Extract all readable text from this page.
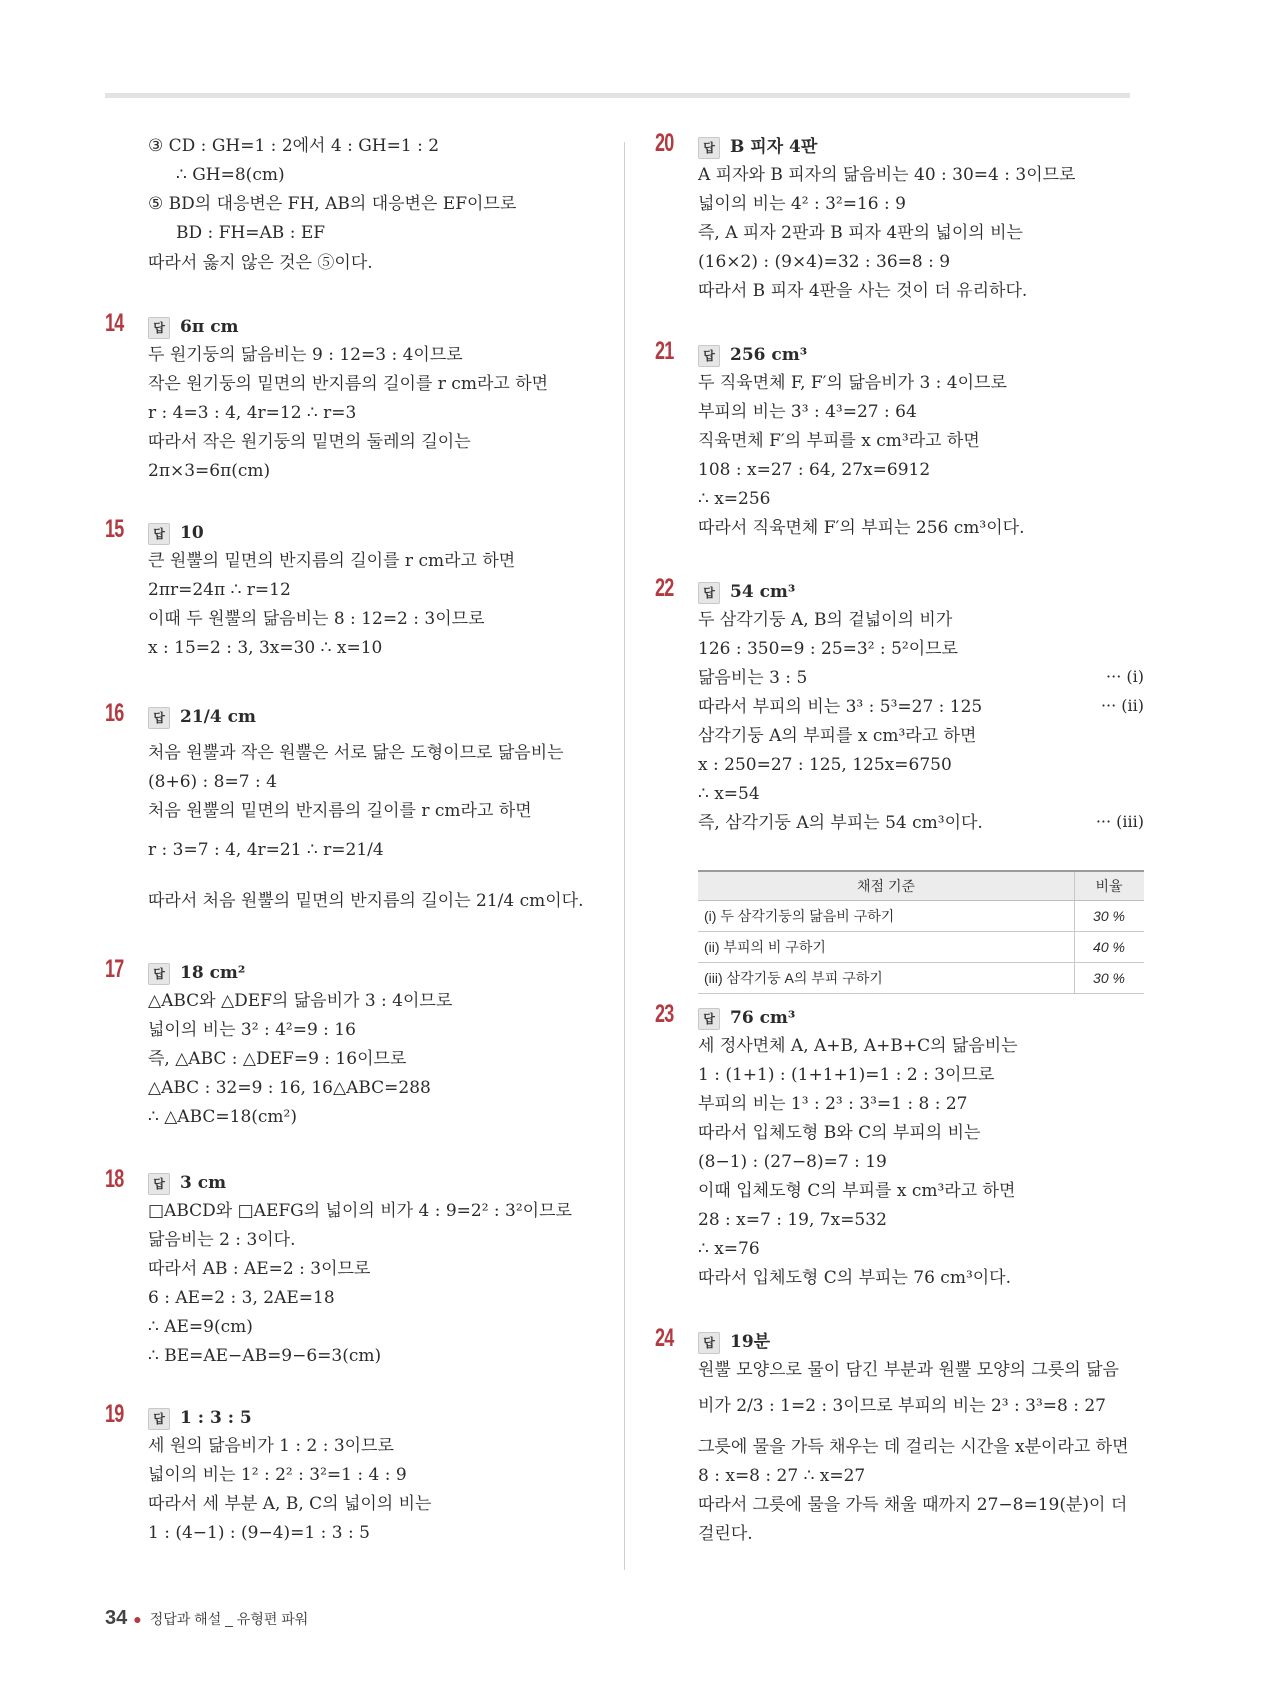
③ CD : GH=1 : 2에서 4 : GH=1 : 2
∴ GH=8(cm)
⑤ BD의 대응변은 FH, AB의 대응변은 EF이므로
BD : FH=AB : EF
따라서 옳지 않은 것은 ⑤이다.
14	답 6π cm
두 원기둥의 닮음비는 9 : 12=3 : 4이므로
작은 원기둥의 밑면의 반지름의 길이를 r cm라고 하면
r : 4=3 : 4, 4r=12 ∴ r=3
따라서 작은 원기둥의 밑면의 둘레의 길이는
2π×3=6π(cm)
15	답 10
큰 원뿔의 밑면의 반지름의 길이를 r cm라고 하면
2πr=24π ∴ r=12
이때 두 원뿔의 닮음비는 8 : 12=2 : 3이므로
x : 15=2 : 3, 3x=30 ∴ x=10
16	답 21/4 cm
처음 원뿔과 작은 원뿔은 서로 닮은 도형이므로 닮음비는
(8+6) : 8=7 : 4
처음 원뿔의 밑면의 반지름의 길이를 r cm라고 하면
r : 3=7 : 4, 4r=21 ∴ r=21/4
따라서 처음 원뿔의 밑면의 반지름의 길이는 21/4 cm이다.
17	답 18 cm²
△ABC와 △DEF의 닮음비가 3 : 4이므로
넓이의 비는 3² : 4²=9 : 16
즉, △ABC : △DEF=9 : 16이므로
△ABC : 32=9 : 16, 16△ABC=288
∴ △ABC=18(cm²)
18	답 3 cm
□ABCD와 □AEFG의 넓이의 비가 4 : 9=2² : 3²이므로
닮음비는 2 : 3이다.
따라서 AB : AE=2 : 3이므로
6 : AE=2 : 3, 2AE=18
∴ AE=9(cm)
∴ BE=AE−AB=9−6=3(cm)
19	답 1 : 3 : 5
세 원의 닮음비가 1 : 2 : 3이므로
넓이의 비는 1² : 2² : 3²=1 : 4 : 9
따라서 세 부분 A, B, C의 넓이의 비는
1 : (4−1) : (9−4)=1 : 3 : 5
20	답 B 피자 4판
A 피자와 B 피자의 닮음비는 40 : 30=4 : 3이므로
넓이의 비는 4² : 3²=16 : 9
즉, A 피자 2판과 B 피자 4판의 넓이의 비는
(16×2) : (9×4)=32 : 36=8 : 9
따라서 B 피자 4판을 사는 것이 더 유리하다.
21	답 256 cm³
두 직육면체 F, F′의 닮음비가 3 : 4이므로
부피의 비는 3³ : 4³=27 : 64
직육면체 F′의 부피를 x cm³라고 하면
108 : x=27 : 64, 27x=6912
∴ x=256
따라서 직육면체 F′의 부피는 256 cm³이다.
22	답 54 cm³
두 삼각기둥 A, B의 겉넓이의 비가
126 : 350=9 : 25=3² : 5²이므로
닮음비는 3 : 5	··· (i)
따라서 부피의 비는 3³ : 5³=27 : 125	··· (ii)
삼각기둥 A의 부피를 x cm³라고 하면
x : 250=27 : 125, 125x=6750
∴ x=54
즉, 삼각기둥 A의 부피는 54 cm³이다.	··· (iii)
23	답 76 cm³
세 정사면체 A, A+B, A+B+C의 닮음비는
1 : (1+1) : (1+1+1)=1 : 2 : 3이므로
부피의 비는 1³ : 2³ : 3³=1 : 8 : 27
따라서 입체도형 B와 C의 부피의 비는
(8−1) : (27−8)=7 : 19
이때 입체도형 C의 부피를 x cm³라고 하면
28 : x=7 : 19, 7x=532
∴ x=76
따라서 입체도형 C의 부피는 76 cm³이다.
24	답 19분
원뿔 모양으로 물이 담긴 부분과 원뿔 모양의 그릇의 닮음
비가 2/3 : 1=2 : 3이므로 부피의 비는 2³ : 3³=8 : 27
그릇에 물을 가득 채우는 데 걸리는 시간을 x분이라고 하면
8 : x=8 : 27 ∴ x=27
따라서 그릇에 물을 가득 채울 때까지 27−8=19(분)이 더
걸린다.
채점 기준	비율
(i) 두 삼각기둥의 닮음비 구하기	30 %
(ii) 부피의 비 구하기	40 %
(iii) 삼각기둥 A의 부피 구하기	30 %
34 ● 정답과 해설 _ 유형편 파워
